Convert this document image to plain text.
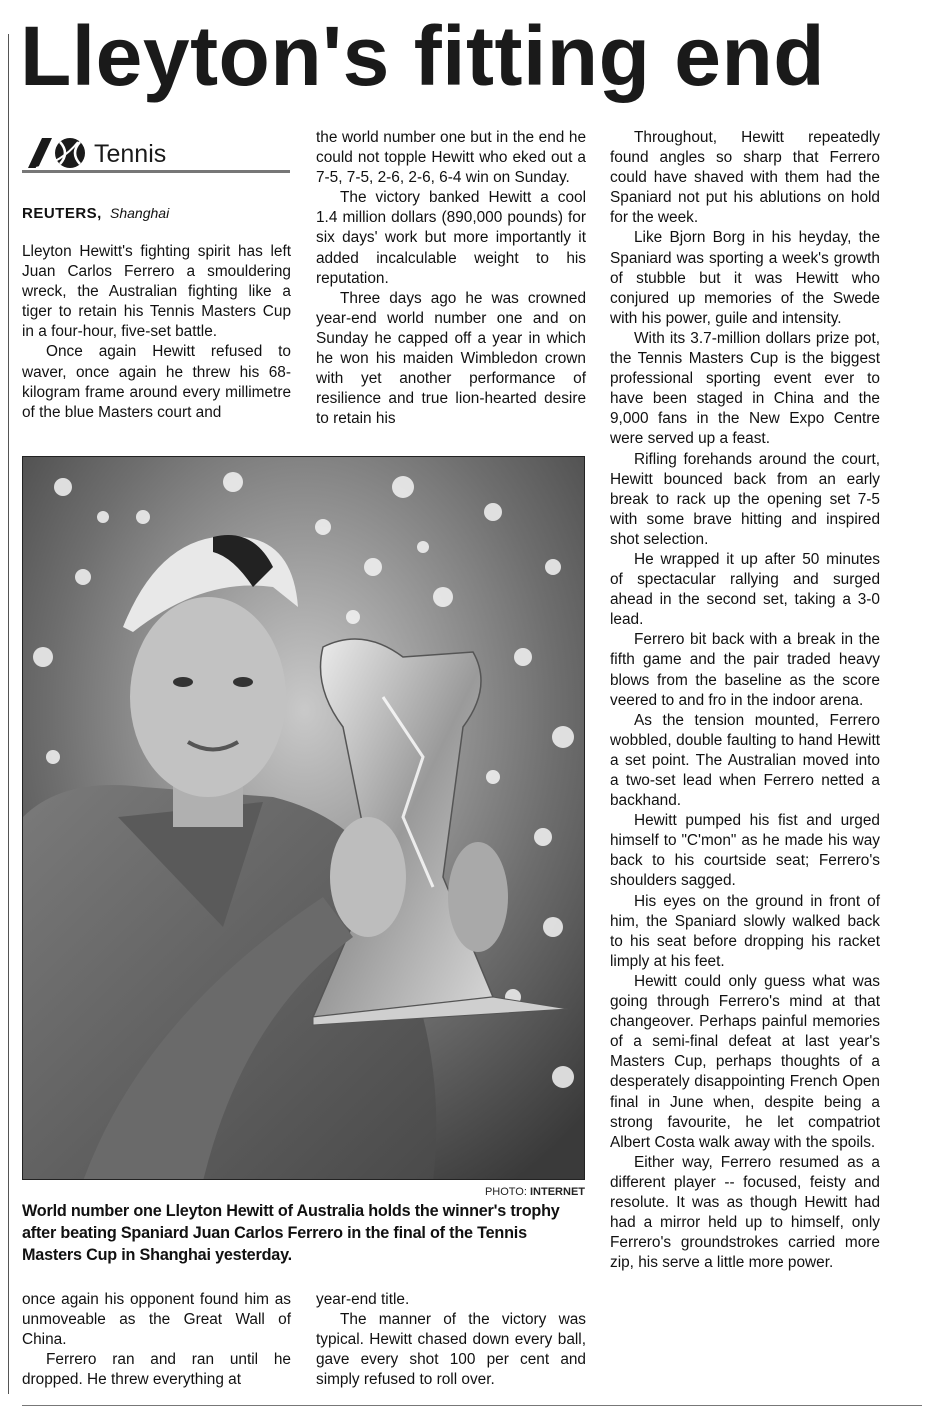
Lleyton's fitting end
Tennis
REUTERS, Shanghai

Lleyton Hewitt's fighting spirit has left Juan Carlos Ferrero a smouldering wreck, the Australian fighting like a tiger to retain his Tennis Masters Cup in a four-hour, five-set battle.

Once again Hewitt refused to waver, once again he threw his 68-kilogram frame around every millimetre of the blue Masters court and

the world number one but in the end he could not topple Hewitt who eked out a 7-5, 7-5, 2-6, 2-6, 6-4 win on Sunday.

The victory banked Hewitt a cool 1.4 million dollars (890,000 pounds) for six days' work but more importantly it added incalculable weight to his reputation.

Three days ago he was crowned year-end world number one and on Sunday he capped off a year in which he won his maiden Wimbledon crown with yet another performance of resilience and true lion-hearted desire to retain his

Throughout, Hewitt repeatedly found angles so sharp that Ferrero could have shaved with them had the Spaniard not put his ablutions on hold for the week.

Like Bjorn Borg in his heyday, the Spaniard was sporting a week's growth of stubble but it was Hewitt who conjured up memories of the Swede with his power, guile and intensity.

With its 3.7-million dollars prize pot, the Tennis Masters Cup is the biggest professional sporting event ever to have been staged in China and the 9,000 fans in the New Expo Centre were served up a feast.

Rifling forehands around the court, Hewitt bounced back from an early break to rack up the opening set 7-5 with some brave hitting and inspired shot selection.

He wrapped it up after 50 minutes of spectacular rallying and surged ahead in the second set, taking a 3-0 lead.

Ferrero bit back with a break in the fifth game and the pair traded heavy blows from the baseline as the score veered to and fro in the indoor arena.

As the tension mounted, Ferrero wobbled, double faulting to hand Hewitt a set point. The Australian moved into a two-set lead when Ferrero netted a backhand.

Hewitt pumped his fist and urged himself to "C'mon" as he made his way back to his courtside seat; Ferrero's shoulders sagged.

His eyes on the ground in front of him, the Spaniard slowly walked back to his seat before dropping his racket limply at his feet.

Hewitt could only guess what was going through Ferrero's mind at that changeover. Perhaps painful memories of a semi-final defeat at last year's Masters Cup, perhaps thoughts of a desperately disappointing French Open final in June when, despite being a strong favourite, he let compatriot Albert Costa walk away with the spoils.

Either way, Ferrero resumed as a different player -- focused, feisty and resolute. It was as though Hewitt had had a mirror held up to himself, only Ferrero's groundstrokes carried more zip, his serve a little more power.

PHOTO: INTERNET
World number one Lleyton Hewitt of Australia holds the winner's trophy after beating Spaniard Juan Carlos Ferrero in the final of the Tennis Masters Cup in Shanghai yesterday.

once again his opponent found him as unmoveable as the Great Wall of China.

Ferrero ran and ran until he dropped. He threw everything at

year-end title.

The manner of the victory was typical. Hewitt chased down every ball, gave every shot 100 per cent and simply refused to roll over.
